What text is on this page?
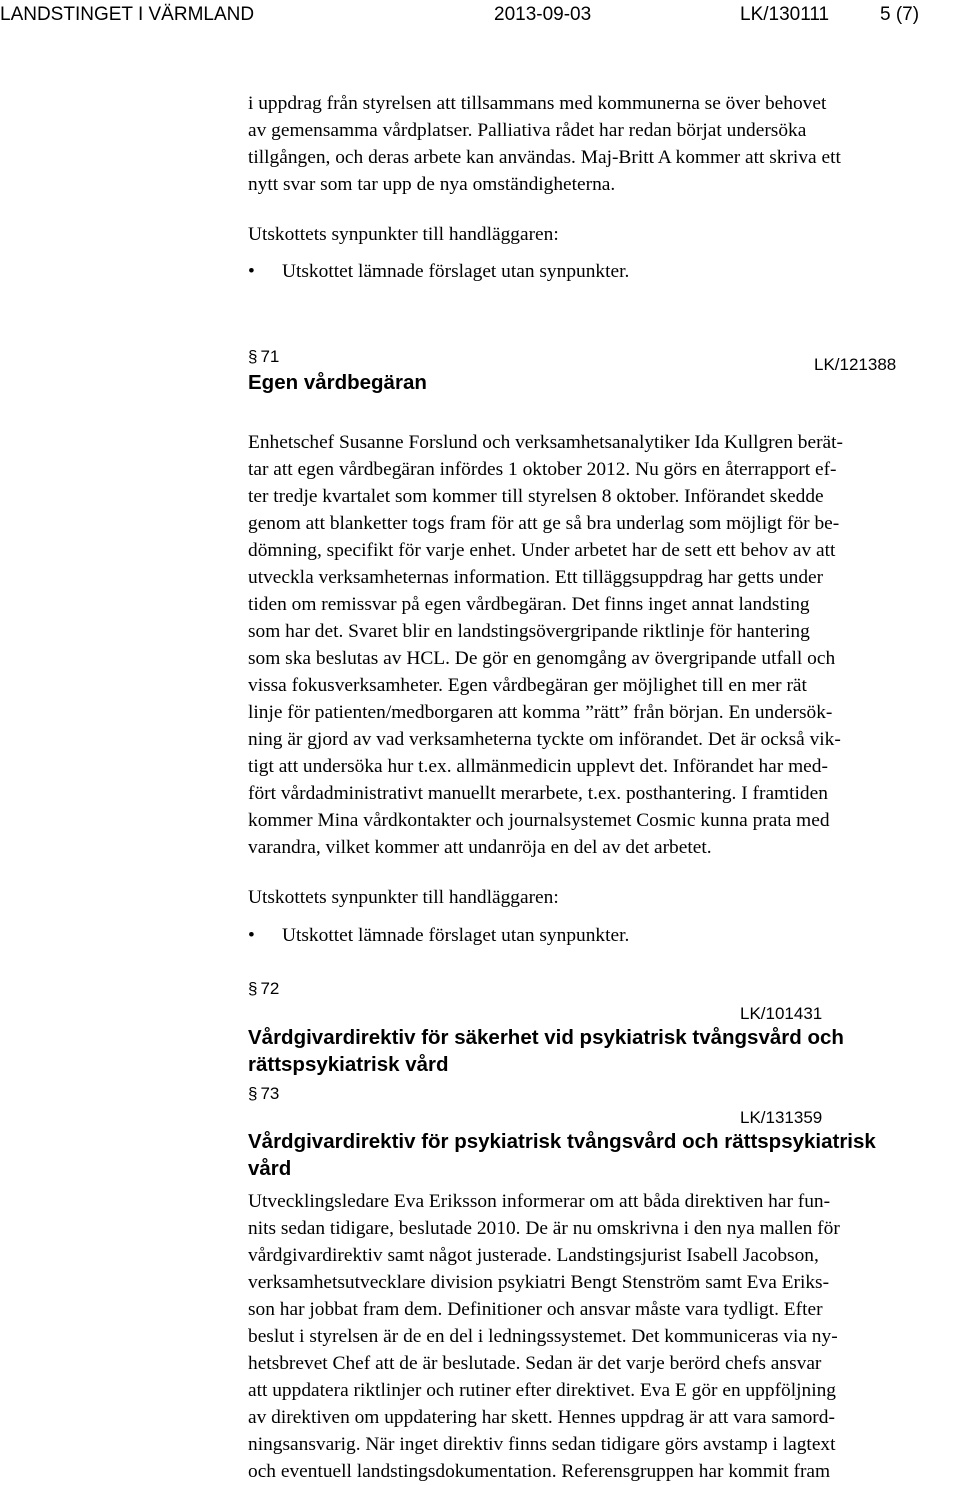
LANDSTINGET I VÄRMLAND	2013-09-03	LK/130111	5 (7)
i uppdrag från styrelsen att tillsammans med kommunerna se över behovet
av gemensamma vårdplatser. Palliativa rådet har redan börjat undersöka
tillgången, och deras arbete kan användas. Maj-Britt A kommer att skriva ett
nytt svar som tar upp de nya omständigheterna.
Utskottets synpunkter till handläggaren:
• Utskottet lämnade förslaget utan synpunkter.
§ 71	LK/121388
Egen vårdbegäran
Enhetschef Susanne Forslund och verksamhetsanalytiker Ida Kullgren berät-
tar att egen vårdbegäran infördes 1 oktober 2012. Nu görs en återrapport ef-
ter tredje kvartalet som kommer till styrelsen 8 oktober. Införandet skedde
genom att blanketter togs fram för att ge så bra underlag som möjligt för be-
dömning, specifikt för varje enhet. Under arbetet har de sett ett behov av att
utveckla verksamheternas information. Ett tilläggsuppdrag har getts under
tiden om remissvar på egen vårdbegäran. Det finns inget annat landsting
som har det. Svaret blir en landstingsövergripande riktlinje för hantering
som ska beslutas av HCL. De gör en genomgång av övergripande utfall och
vissa fokusverksamheter. Egen vårdbegäran ger möjlighet till en mer rät
linje för patienten/medborgaren att komma ”rätt” från början. En undersök-
ning är gjord av vad verksamheterna tyckte om införandet. Det är också vik-
tigt att undersöka hur t.ex. allmänmedicin upplevt det. Införandet har med-
fört vårdadministrativt manuellt merarbete, t.ex. posthantering. I framtiden
kommer Mina vårdkontakter och journalsystemet Cosmic kunna prata med
varandra, vilket kommer att undanröja en del av det arbetet.
Utskottets synpunkter till handläggaren:
• Utskottet lämnade förslaget utan synpunkter.
§ 72
LK/101431
Vårdgivardirektiv för säkerhet vid psykiatrisk tvångsvård och
rättspsykiatrisk vård
§ 73
LK/131359
Vårdgivardirektiv för psykiatrisk tvångsvård och rättspsykiatrisk
vård
Utvecklingsledare Eva Eriksson informerar om att båda direktiven har fun-
nits sedan tidigare, beslutade 2010. De är nu omskrivna i den nya mallen för
vårdgivardirektiv samt något justerade. Landstingsjurist Isabell Jacobson,
verksamhetsutvecklare division psykiatri Bengt Stenström samt Eva Eriks-
son har jobbat fram dem. Definitioner och ansvar måste vara tydligt. Efter
beslut i styrelsen är de en del i ledningssystemet. Det kommuniceras via ny-
hetsbrevet Chef att de är beslutade. Sedan är det varje berörd chefs ansvar
att uppdatera riktlinjer och rutiner efter direktivet. Eva E gör en uppföljning
av direktiven om uppdatering har skett. Hennes uppdrag är att vara samord-
ningsansvarig. När inget direktiv finns sedan tidigare görs avstamp i lagtext
och eventuell landstingsdokumentation. Referensgruppen har kommit fram
